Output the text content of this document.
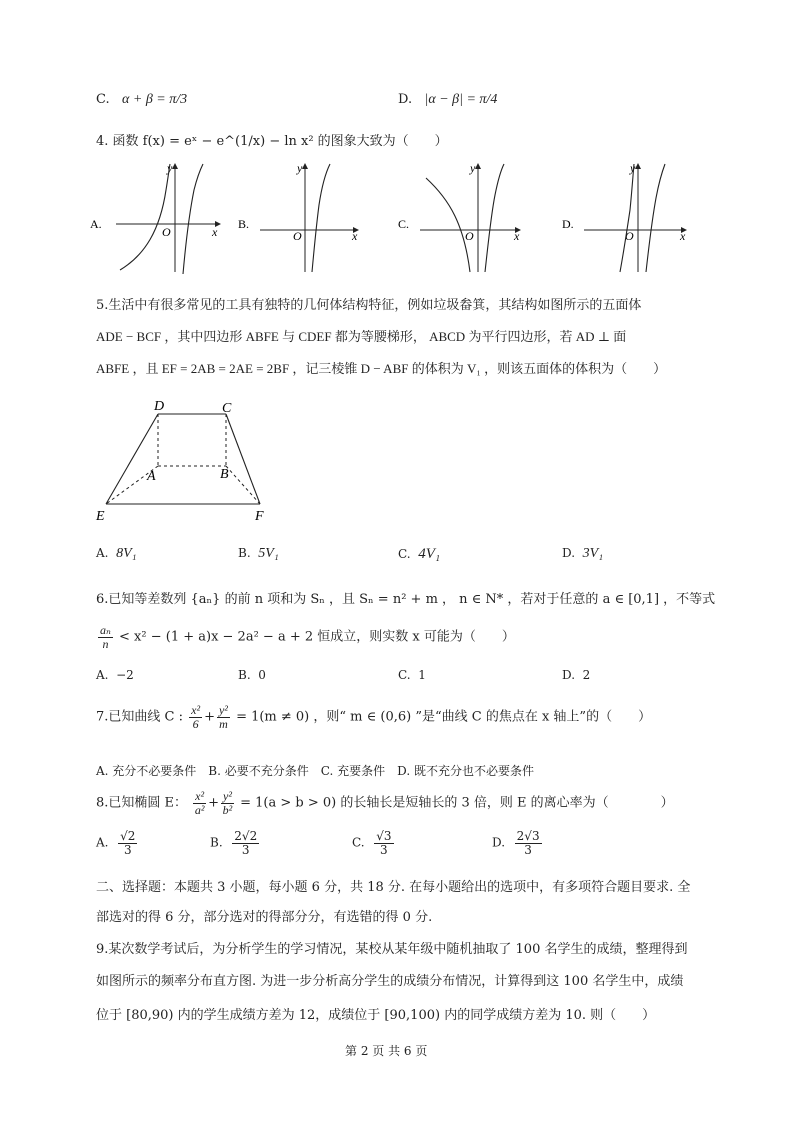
C. α + β = π/3	D. |α − β| = π/4
4. 函数 f(x) = eˣ − e^(1/x) − ln x² 的图象大致为（　　）
A.
y
x
O
B.
y
x
O
C.
y
x
O
D.
y
x
O
5.生活中有很多常见的工具有独特的几何体结构特征，例如垃圾畚箕，其结构如图所示的五面体
ADE − BCF ，其中四边形 ABFE 与 CDEF 都为等腰梯形， ABCD 为平行四边形，若 AD ⊥ 面
ABFE ，且 EF = 2AB = 2AE = 2BF ，记三棱锥 D − ABF 的体积为 V₁ ，则该五面体的体积为（　　）
D	C
A	B
E	F
A. 8V₁	B. 5V₁	C. 4V₁	D. 3V₁
6.已知等差数列 {aₙ} 的前 n 项和为 Sₙ ，且 Sₙ = n² + m ， n ∈ N* ，若对于任意的 a ∈ [0,1] ，不等式
$\frac{\text{aₙ}}{n} < x^2 - (1 + a)x - 2a^2 - a + 2$ 恒成立，则实数 x 可能为（　　）
A. −2	B. 0	C. 1	D. 2
7.已知曲线 C : $\frac{\text{x²}}{6} + \frac{\text{y²}}{m} = 1(m \ne 0)$ ，则“ m ∈ (0,6) ”是“曲线 C 的焦点在 x 轴上”的（　　）
A. 充分不必要条件　B. 必要不充分条件　C. 充要条件　D. 既不充分也不必要条件
8.已知椭圆 E： $\frac{\text{x²}}{\text{a²}} + \frac{\text{y²}}{\text{b²}} = 1(a > b > 0)$ 的长轴长是短轴长的 3 倍，则 E 的离心率为（　　　　）
A. $\frac{√2}{3}$	B. $\frac{2√2}{3}$	C. $\frac{√3}{3}$	D. $\frac{2√3}{3}$
二、选择题：本题共 3 小题，每小题 6 分，共 18 分. 在每小题给出的选项中，有多项符合题目要求. 全
部选对的得 6 分，部分选对的得部分分，有选错的得 0 分.
9.某次数学考试后，为分析学生的学习情况，某校从某年级中随机抽取了 100 名学生的成绩，整理得到
如图所示的频率分布直方图. 为进一步分析高分学生的成绩分布情况，计算得到这 100 名学生中，成绩
位于 [80,90) 内的学生成绩方差为 12，成绩位于 [90,100) 内的同学成绩方差为 10. 则（　　）
第 2 页 共 6 页
